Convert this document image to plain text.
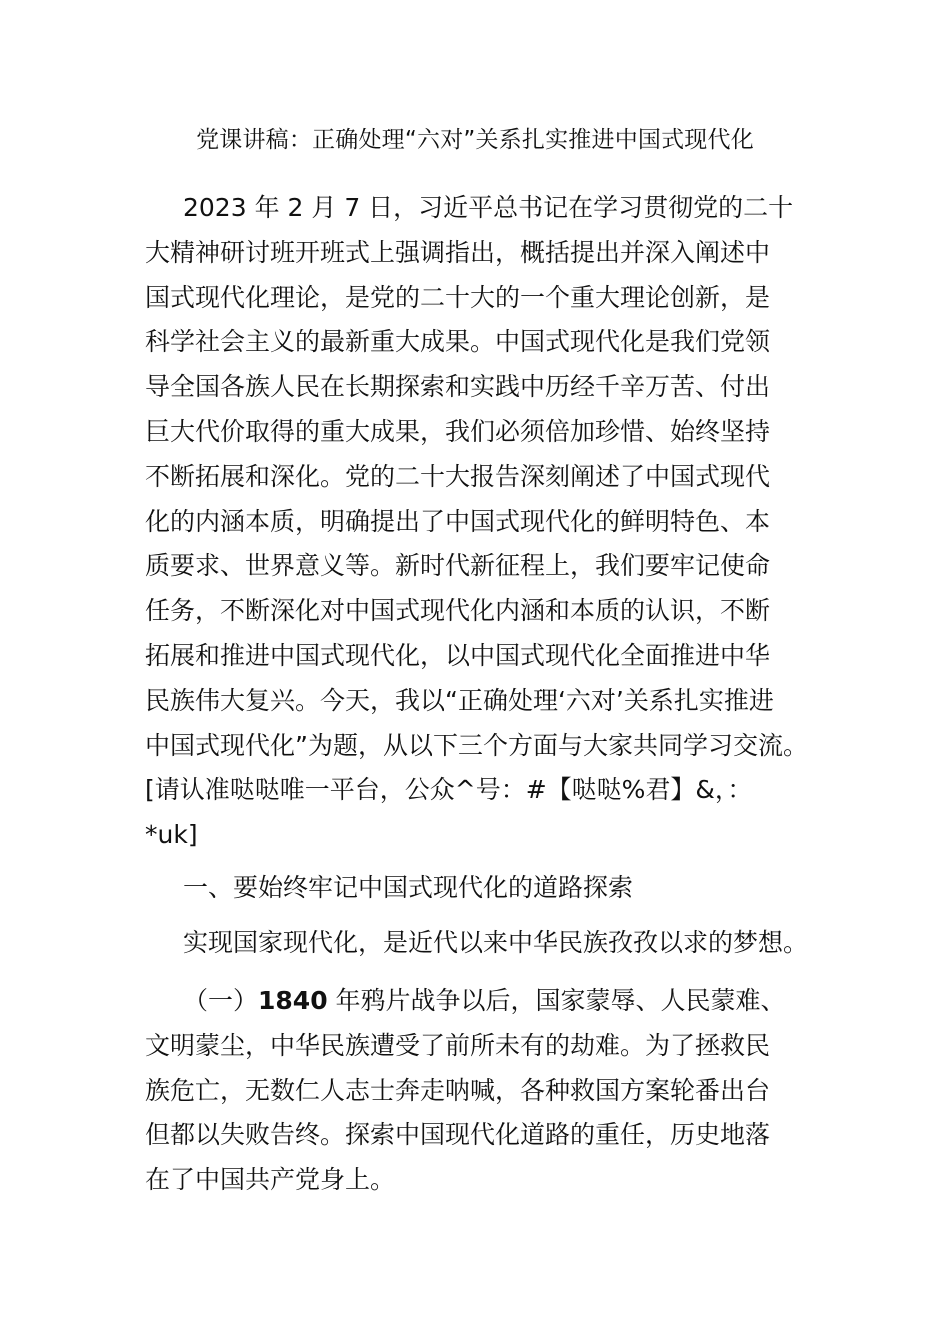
党课讲稿：正确处理“六对”关系扎实推进中国式现代化
2023 年 2 月 7 日，习近平总书记在学习贯彻党的二十
大精神研讨班开班式上强调指出，概括提出并深入阐述中
国式现代化理论，是党的二十大的一个重大理论创新，是
科学社会主义的最新重大成果。中国式现代化是我们党领
导全国各族人民在长期探索和实践中历经千辛万苦、付出
巨大代价取得的重大成果，我们必须倍加珍惜、始终坚持
不断拓展和深化。党的二十大报告深刻阐述了中国式现代
化的内涵本质，明确提出了中国式现代化的鲜明特色、本
质要求、世界意义等。新时代新征程上，我们要牢记使命
任务，不断深化对中国式现代化内涵和本质的认识，不断
拓展和推进中国式现代化，以中国式现代化全面推进中华
民族伟大复兴。今天，我以“正确处理‘六对’关系扎实推进
中国式现代化”为题，从以下三个方面与大家共同学习交流。
[请认准哒哒唯一平台，公众^号：#【哒哒%君】&，：
*uk]
一、要始终牢记中国式现代化的道路探索
实现国家现代化，是近代以来中华民族孜孜以求的梦想。
（一）1840 年鸦片战争以后，国家蒙辱、人民蒙难、
文明蒙尘，中华民族遭受了前所未有的劫难。为了拯救民
族危亡，无数仁人志士奔走呐喊，各种救国方案轮番出台
但都以失败告终。探索中国现代化道路的重任，历史地落
在了中国共产党身上。
